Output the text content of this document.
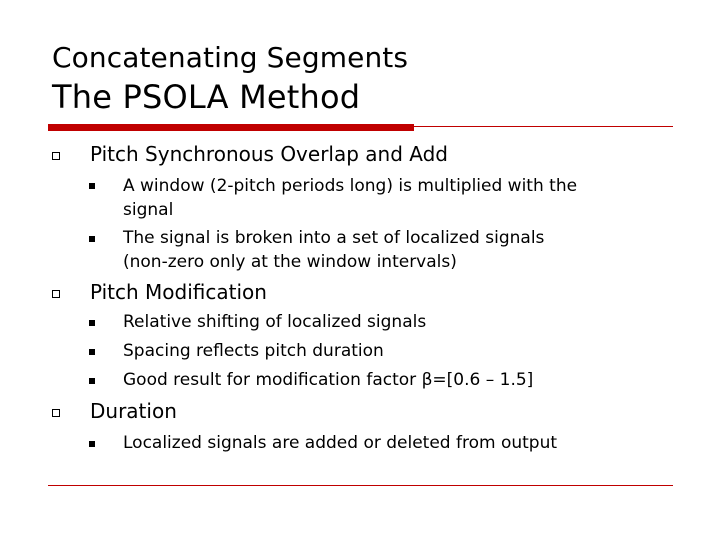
Concatenating Segments
The PSOLA Method
Pitch Synchronous Overlap and Add
A window (2-pitch periods long) is multiplied with the
signal
The signal is broken into a set of localized signals
(non-zero only at the window intervals)
Pitch Modification
Relative shifting of localized signals
Spacing reflects pitch duration
Good result for modification factor β=[0.6 – 1.5]
Duration
Localized signals are added or deleted from output
